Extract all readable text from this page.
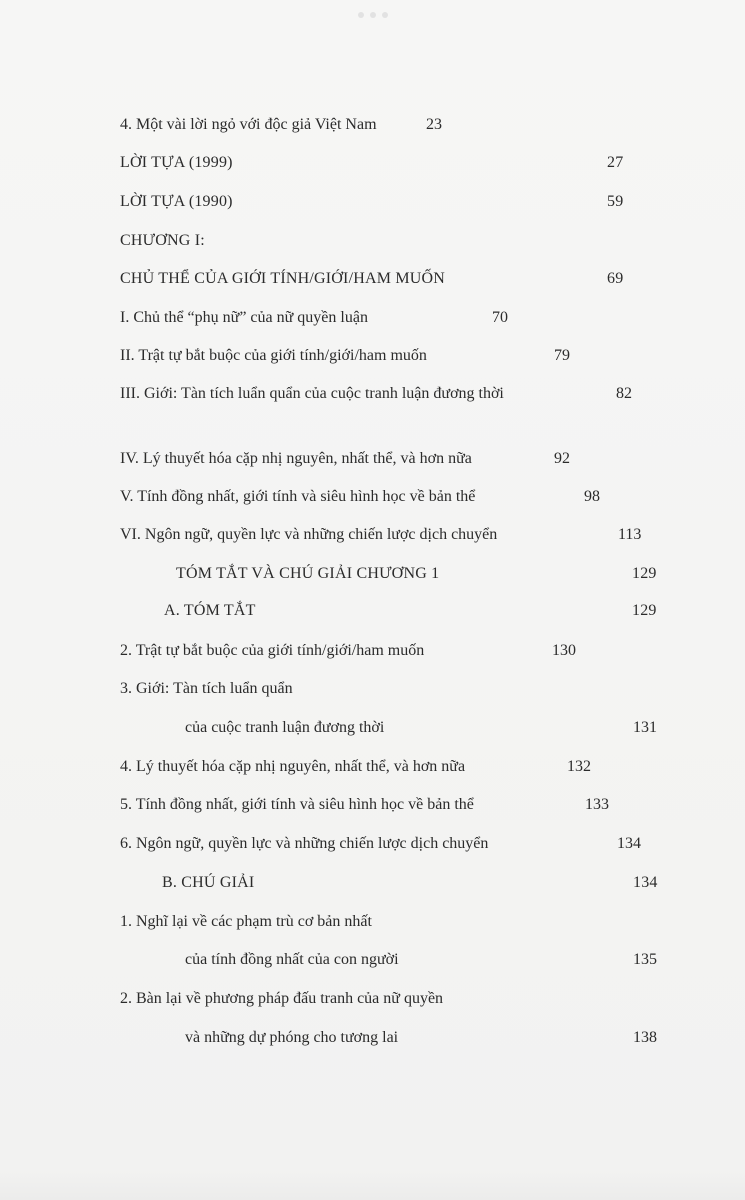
4. Một vài lời ngỏ với độc giả Việt Nam	23
LỜI TỰA (1999)	27
LỜI TỰA (1990)	59
CHƯƠNG I:
CHỦ THỂ CỦA GIỚI TÍNH/GIỚI/HAM MUỐN	69
I. Chủ thể “phụ nữ” của nữ quyền luận	70
II. Trật tự bắt buộc của giới tính/giới/ham muốn	79
III. Giới: Tàn tích luẩn quẩn của cuộc tranh luận đương thời	82
IV. Lý thuyết hóa cặp nhị nguyên, nhất thể, và hơn nữa	92
V. Tính đồng nhất, giới tính và siêu hình học về bản thể	98
VI. Ngôn ngữ, quyền lực và những chiến lược dịch chuyển	113
TÓM TẮT VÀ CHÚ GIẢI CHƯƠNG 1	129
A. TÓM TẮT	129
2. Trật tự bắt buộc của giới tính/giới/ham muốn	130
3. Giới: Tàn tích luẩn quẩn
của cuộc tranh luận đương thời	131
4. Lý thuyết hóa cặp nhị nguyên, nhất thể, và hơn nữa	132
5. Tính đồng nhất, giới tính và siêu hình học về bản thể	133
6. Ngôn ngữ, quyền lực và những chiến lược dịch chuyển	134
B. CHÚ GIẢI	134
1. Nghĩ lại về các phạm trù cơ bản nhất
của tính đồng nhất của con người	135
2. Bàn lại về phương pháp đấu tranh của nữ quyền
và những dự phóng cho tương lai	138
